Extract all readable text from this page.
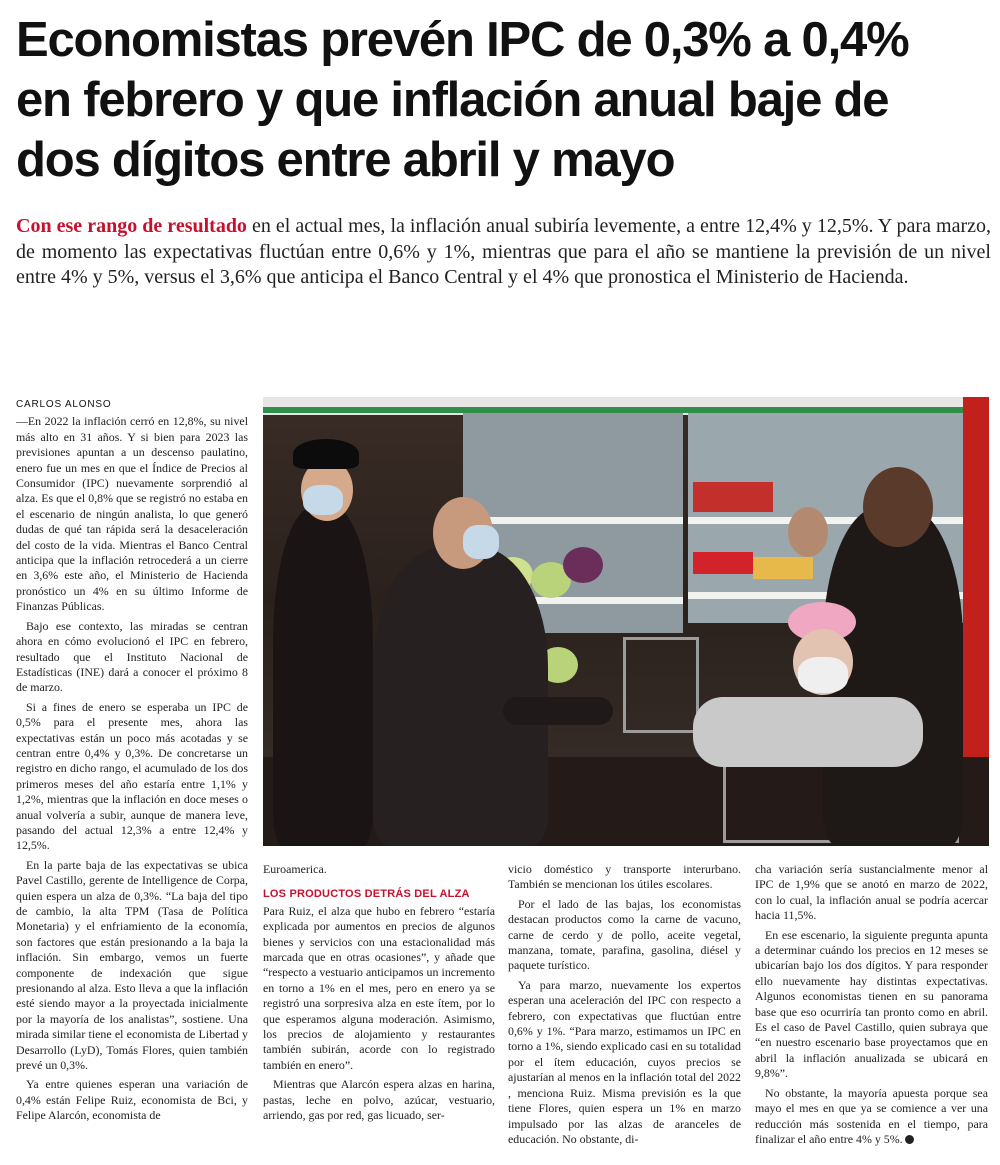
Economistas prevén IPC de 0,3% a 0,4%
en febrero y que inflación anual baje de
dos dígitos entre abril y mayo
Con ese rango de resultado en el actual mes, la inflación anual subiría levemente, a entre 12,4% y 12,5%. Y para marzo, de momento las expectativas fluctúan entre 0,6% y 1%, mientras que para el año se mantiene la previsión de un nivel entre 4% y 5%, versus el 3,6% que anticipa el Banco Central y el 4% que pronostica el Ministerio de Hacienda.
CARLOS ALONSO

—En 2022 la inflación cerró en 12,8%, su nivel más alto en 31 años. Y si bien para 2023 las previsiones apuntan a un descenso paulatino, enero fue un mes en que el Índice de Precios al Consumidor (IPC) nuevamente sorprendió al alza. Es que el 0,8% que se registró no estaba en el escenario de ningún analista, lo que generó dudas de qué tan rápida será la desaceleración del costo de la vida. Mientras el Banco Central anticipa que la inflación retrocederá a un cierre en 3,6% este año, el Ministerio de Hacienda pronóstico un 4% en su último Informe de Finanzas Públicas.

Bajo ese contexto, las miradas se centran ahora en cómo evolucionó el IPC en febrero, resultado que el Instituto Nacional de Estadísticas (INE) dará a conocer el próximo 8 de marzo.

Si a fines de enero se esperaba un IPC de 0,5% para el presente mes, ahora las expectativas están un poco más acotadas y se centran entre 0,4% y 0,3%. De concretarse un registro en dicho rango, el acumulado de los dos primeros meses del año estaría entre 1,1% y 1,2%, mientras que la inflación en doce meses o anual volvería a subir, aunque de manera leve, pasando del actual 12,3% a entre 12,4% y 12,5%.

En la parte baja de las expectativas se ubica Pavel Castillo, gerente de Intelligence de Corpa, quien espera un alza de 0,3%. “La baja del tipo de cambio, la alta TPM (Tasa de Política Monetaria) y el enfriamiento de la economía, son factores que están presionando a la baja la inflación. Sin embargo, vemos un fuerte componente de indexación que sigue presionando al alza. Esto lleva a que la inflación esté siendo mayor a la proyectada inicialmente por la mayoría de los analistas”, sostiene. Una mirada similar tiene el economista de Libertad y Desarrollo (LyD), Tomás Flores, quien también prevé un 0,3%.

Ya entre quienes esperan una variación de 0,4% están Felipe Ruiz, economista de Bci, y Felipe Alarcón, economista de

Euroamerica.

LOS PRODUCTOS DETRÁS DEL ALZA

Para Ruiz, el alza que hubo en febrero “estaría explicada por aumentos en precios de algunos bienes y servicios con una estacionalidad más marcada que en otras ocasiones”, y añade que “respecto a vestuario anticipamos un incremento en torno a 1% en el mes, pero en enero ya se registró una sorpresiva alza en este ítem, por lo que esperamos alguna moderación. Asimismo, los precios de alojamiento y restaurantes también subirán, acorde con lo registrado también en enero”.

Mientras que Alarcón espera alzas en harina, pastas, leche en polvo, azúcar, vestuario, arriendo, gas por red, gas licuado, ser-

vicio doméstico y transporte interurbano. También se mencionan los útiles escolares.

Por el lado de las bajas, los economistas destacan productos como la carne de vacuno, carne de cerdo y de pollo, aceite vegetal, manzana, tomate, parafina, gasolina, diésel y paquete turístico.

Ya para marzo, nuevamente los expertos esperan una aceleración del IPC con respecto a febrero, con expectativas que fluctúan entre 0,6% y 1%. “Para marzo, estimamos un IPC en torno a 1%, siendo explicado casi en su totalidad por el ítem educación, cuyos precios se ajustarían al menos en la inflación total del 2022 , menciona Ruiz. Misma previsión es la que tiene Flores, quien espera un 1% en marzo impulsado por las alzas de aranceles de educación. No obstante, di-

cha variación sería sustancialmente menor al IPC de 1,9% que se anotó en marzo de 2022, con lo cual, la inflación anual se podría acercar hacia 11,5%.

En ese escenario, la siguiente pregunta apunta a determinar cuándo los precios en 12 meses se ubicarían bajo los dos dígitos. Y para responder ello nuevamente hay distintas expectativas. Algunos economistas tienen en su panorama base que eso ocurriría tan pronto como en abril. Es el caso de Pavel Castillo, quien subraya que “en nuestro escenario base proyectamos que en abril la inflación anualizada se ubicará en 9,8%”.

No obstante, la mayoría apuesta porque sea mayo el mes en que ya se comience a ver una reducción más sostenida en el tiempo, para finalizar el año entre 4% y 5%.
